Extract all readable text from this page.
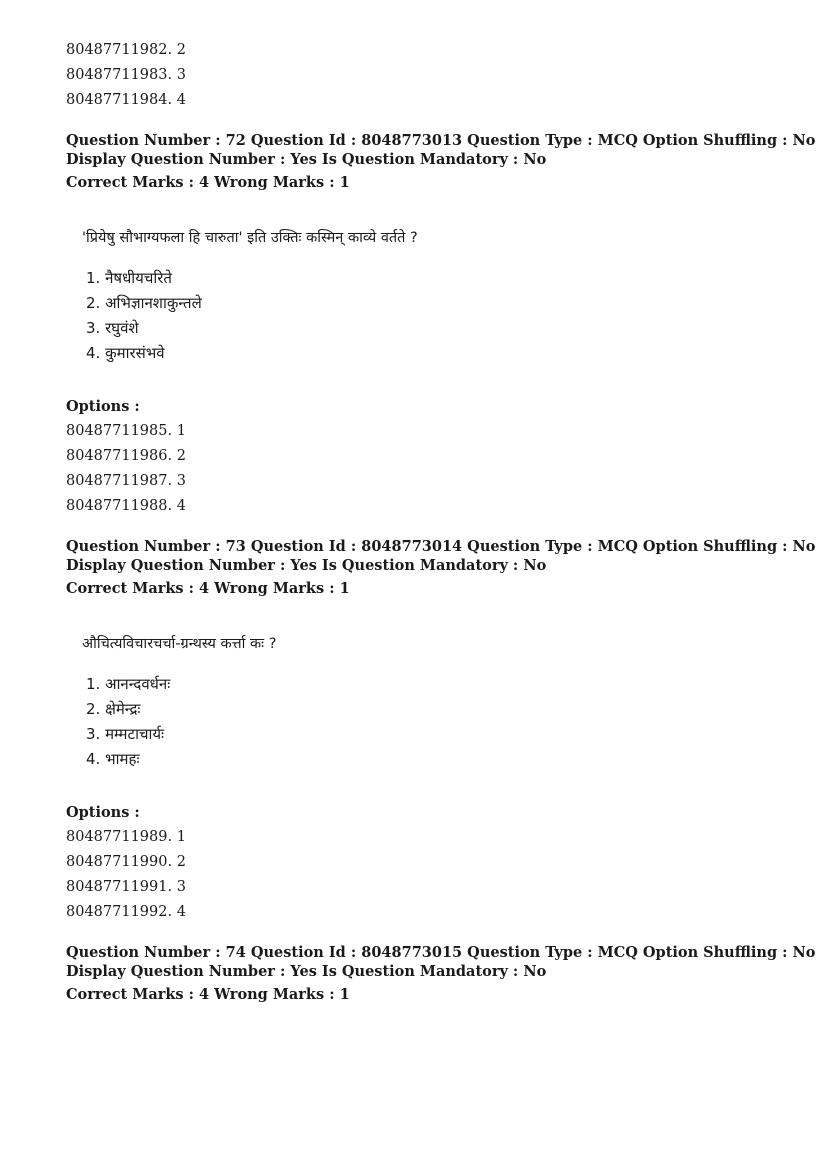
80487711982. 2

80487711983. 3

80487711984. 4

Question Number : 72 Question Id : 8048773013 Question Type : MCQ Option Shuffling : No

Display Question Number : Yes Is Question Mandatory : No

Correct Marks : 4 Wrong Marks : 1

'प्रियेषु सौभाग्यफला हि चारुता' इति उक्तिः कस्मिन् काव्ये वर्तते ?

1. नैषधीयचरिते
2. अभिज्ञानशाकुन्तले
3. रघुवंशे
4. कुमारसंभवे

Options :

80487711985. 1

80487711986. 2

80487711987. 3

80487711988. 4

Question Number : 73 Question Id : 8048773014 Question Type : MCQ Option Shuffling : No

Display Question Number : Yes Is Question Mandatory : No

Correct Marks : 4 Wrong Marks : 1

औचित्यविचारचर्चा-ग्रन्थस्य कर्त्ता कः ?

1. आनन्दवर्धनः
2. क्षेमेन्द्रः
3. मम्मटाचार्यः
4. भामहः

Options :

80487711989. 1

80487711990. 2

80487711991. 3

80487711992. 4

Question Number : 74 Question Id : 8048773015 Question Type : MCQ Option Shuffling : No

Display Question Number : Yes Is Question Mandatory : No

Correct Marks : 4 Wrong Marks : 1
